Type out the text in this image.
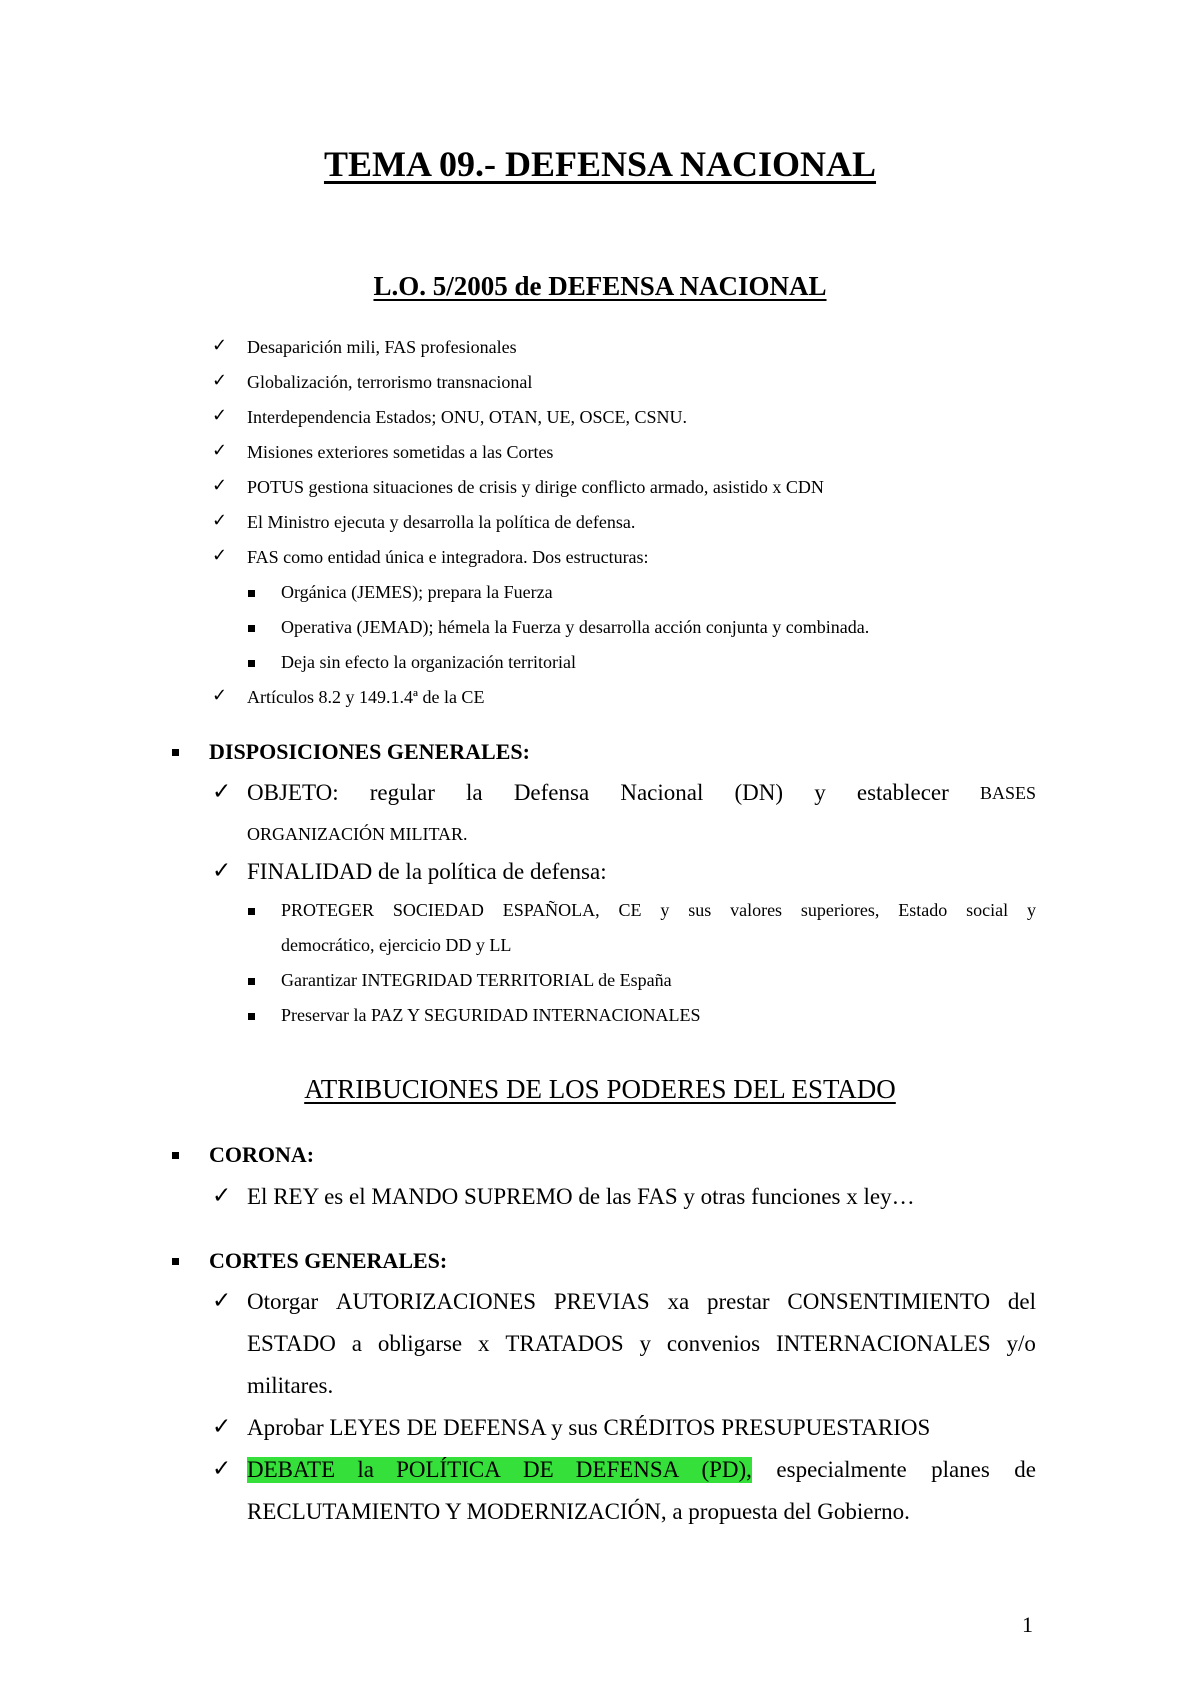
TEMA 09.- DEFENSA NACIONAL
L.O. 5/2005 de DEFENSA NACIONAL
✓ Desaparición mili, FAS profesionales
✓ Globalización, terrorismo transnacional
✓ Interdependencia Estados; ONU, OTAN, UE, OSCE, CSNU.
✓ Misiones exteriores sometidas a las Cortes
✓ POTUS gestiona situaciones de crisis y dirige conflicto armado, asistido x CDN
✓ El Ministro ejecuta y desarrolla la política de defensa.
✓ FAS como entidad única e integradora. Dos estructuras:
Orgánica (JEMES); prepara la Fuerza
Operativa (JEMAD); hémela la Fuerza y desarrolla acción conjunta y combinada.
Deja sin efecto la organización territorial
✓ Artículos 8.2 y 149.1.4ª de la CE
DISPOSICIONES GENERALES:
✓ OBJETO: regular la Defensa Nacional (DN) y establecer BASES
ORGANIZACIÓN MILITAR.
✓ FINALIDAD de la política de defensa:
PROTEGER SOCIEDAD ESPAÑOLA, CE y sus valores superiores, Estado social y
democrático, ejercicio DD y LL
Garantizar INTEGRIDAD TERRITORIAL de España
Preservar la PAZ Y SEGURIDAD INTERNACIONALES
ATRIBUCIONES DE LOS PODERES DEL ESTADO
CORONA:
✓ El REY es el MANDO SUPREMO de las FAS y otras funciones x ley…
CORTES GENERALES:
✓ Otorgar AUTORIZACIONES PREVIAS xa prestar CONSENTIMIENTO del
ESTADO a obligarse x TRATADOS y convenios INTERNACIONALES y/o
militares.
✓ Aprobar LEYES DE DEFENSA y sus CRÉDITOS PRESUPUESTARIOS
✓ DEBATE la POLÍTICA DE DEFENSA (PD), especialmente planes de
RECLUTAMIENTO Y MODERNIZACIÓN, a propuesta del Gobierno.
1
